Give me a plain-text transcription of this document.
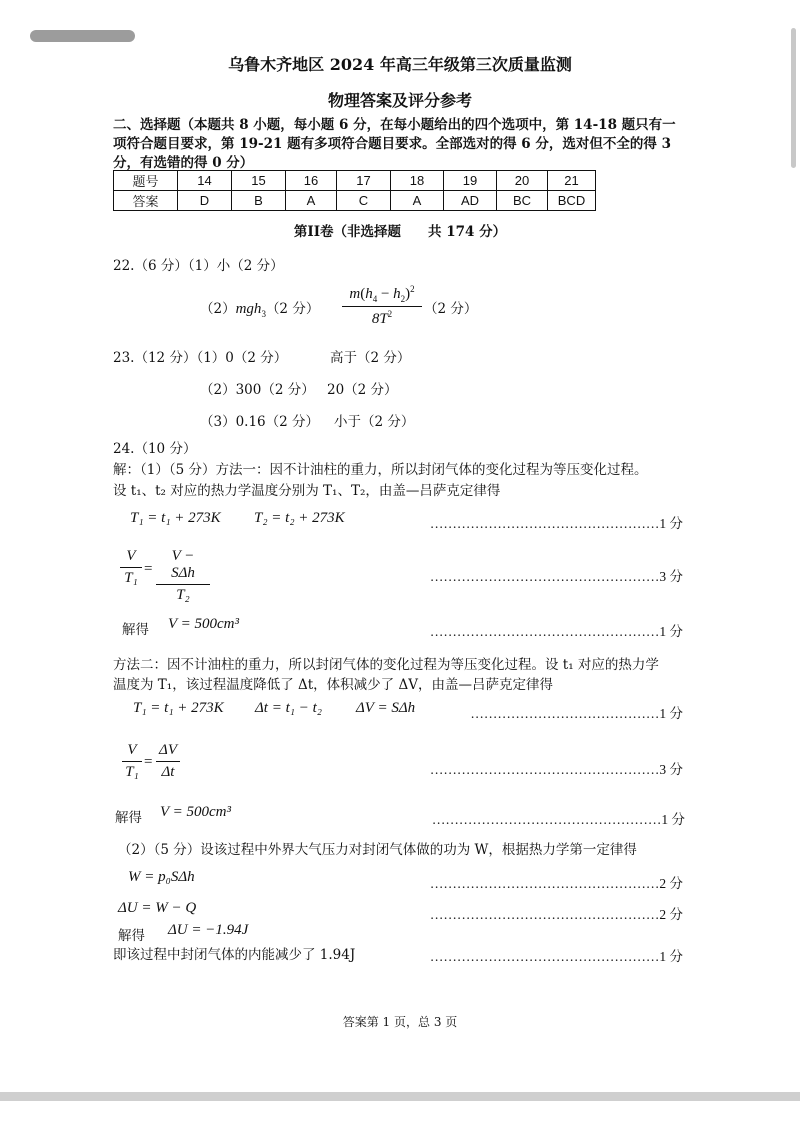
乌鲁木齐地区 2024 年高三年级第三次质量监测
物理答案及评分参考
二、选择题（本题共 8 小题，每小题 6 分，在每小题给出的四个选项中，第 14-18 题只有一
项符合题目要求，第 19-21 题有多项符合题目要求。全部选对的得 6 分，选对但不全的得 3
分，有选错的得 0 分）
题号	14	15	16	17	18	19	20	21
答案	D	B	A	C	A	AD	BC	BCD
第II卷（非选择题　　共 174 分）
22.（6 分）（1）小（2 分）
（2）mgh$_3$（2 分） $\frac{m(h_4 - h_2)^2}{8T^2} (2$ 分）
23.（12 分）（1）0（2 分）	高于（2 分）
（2）300（2 分） 20（2 分）
（3）0.16（2 分） 小于（2 分）
24.（10 分）
解：（1）（5 分）方法一：因不计油柱的重力，所以封闭气体的变化过程为等压变化过程。
设 t₁、t₂ 对应的热力学温度分别为 T₁、T₂，由盖—吕萨克定律得
T₁ = t₁ + 273K T₂ = t₂ + 273K	……………………………………………1 分
$\frac{V}{\text{T₁}}$ =
V − SΔh
T₂
……………………………………………3 分
解得 V = 500cm³	……………………………………………1 分
方法二：因不计油柱的重力，所以封闭气体的变化过程为等压变化过程。设 t₁ 对应的热力学
温度为 T₁，该过程温度降低了 Δt，体积减少了 ΔV，由盖—吕萨克定律得
T₁ = t₁ + 273K Δt = t₁ − t₂ ΔV = SΔh	……………………………………1 分
$\frac{V}{\text{T₁}} = \frac{\Delta V}{\Delta t}$	……………………………………………3 分
解得 V = 500cm³	……………………………………………1 分
（2）（5 分）设该过程中外界大气压力对封闭气体做的功为 W，根据热力学第一定律得
W = p₀SΔh	……………………………………………2 分
ΔU = W − Q	……………………………………………2 分
解得 ΔU = −1.94J
即该过程中封闭气体的内能减少了 1.94J	……………………………………………1 分
答案第 1 页，总 3 页
